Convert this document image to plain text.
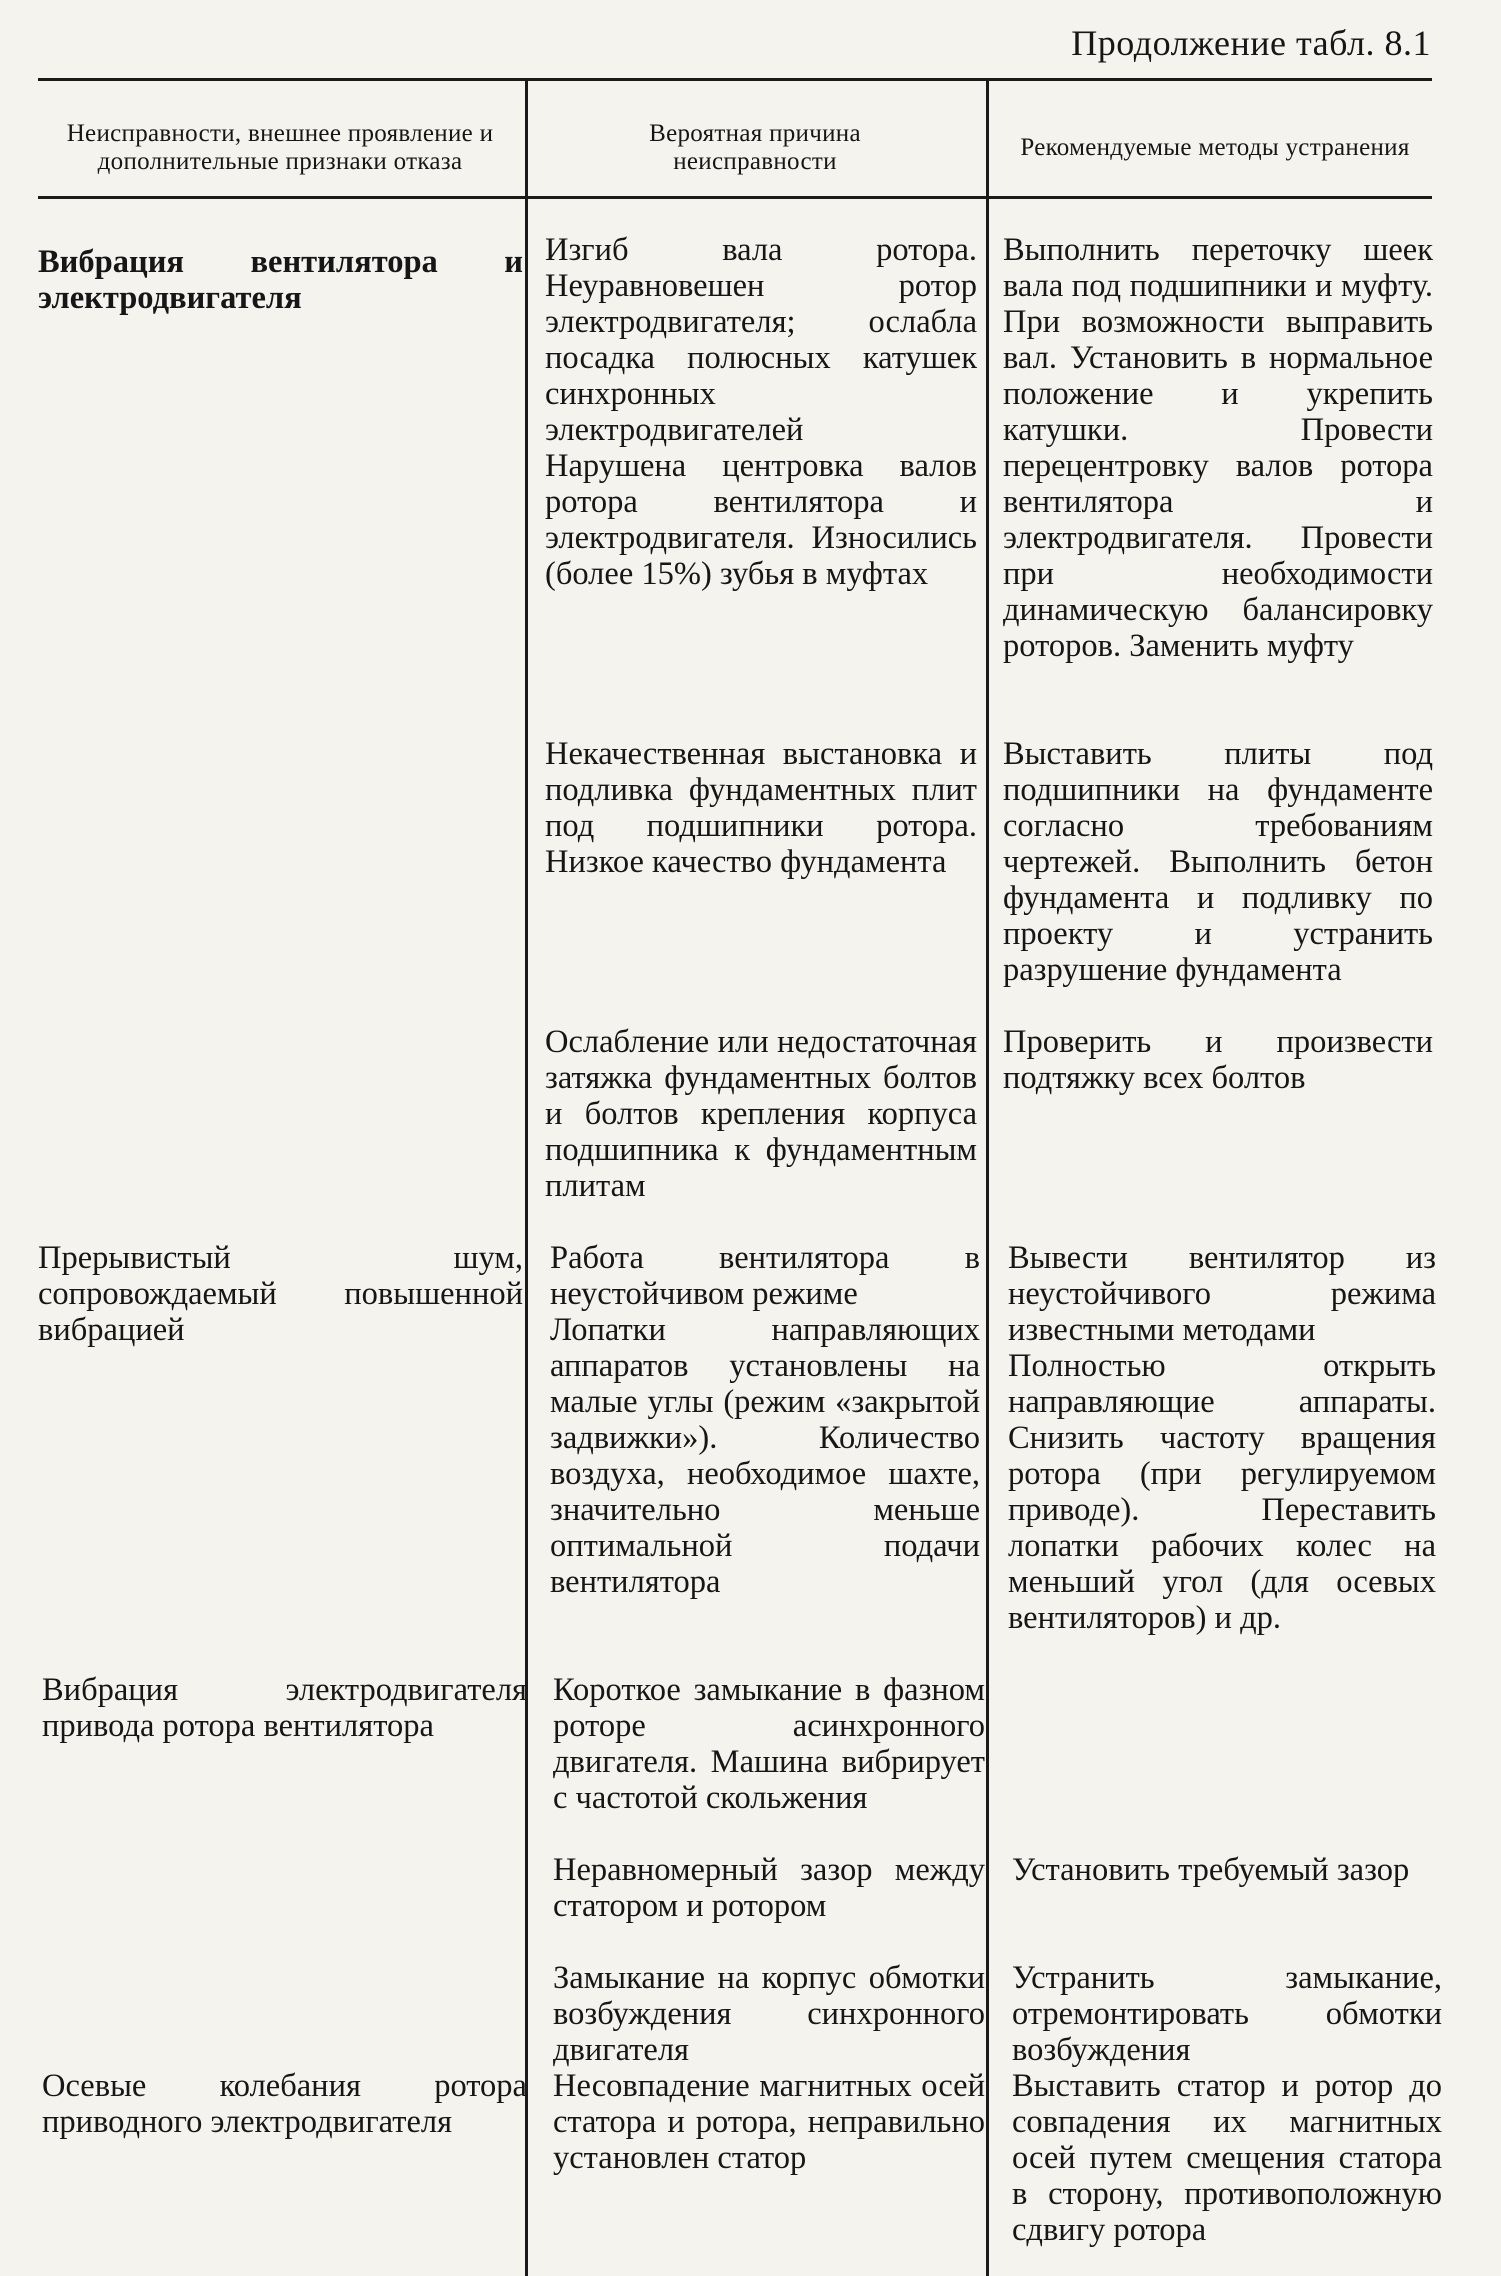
Продолжение табл. 8.1
Неисправности, внешнее проявление и дополнительные признаки отказа
Вероятная причина неисправности
Рекомендуемые методы устранения
Вибрация вентилятора и электродвигателя
Изгиб вала ротора. Неуравновешен ротор электродвигателя; ослабла посадка полюсных катушек синхронных электродвигателей
Нарушена центровка валов ротора вентилятора и электродвигателя. Износились (более 15%) зубья в муфтах
Некачественная выстановка и подливка фундаментных плит под подшипники ротора. Низкое качество фундамента
Ослабление или недостаточная затяжка фундаментных болтов и болтов крепления корпуса подшипника к фундаментным плитам
Выполнить переточку шеек вала под подшипники и муфту. При возможности выправить вал. Установить в нормальное положение и укрепить катушки. Провести перецентровку валов ротора вентилятора и электродвигателя. Провести при необходимости динамическую балансировку роторов. Заменить муфту
Выставить плиты под подшипники на фундаменте согласно требованиям чертежей. Выполнить бетон фундамента и подливку по проекту и устранить разрушение фундамента
Проверить и произвести подтяжку всех болтов
Прерывистый шум, сопровождаемый повышенной вибрацией
Работа вентилятора в неустойчивом режиме
Лопатки направляющих аппаратов установлены на малые углы (режим «закрытой задвижки»). Количество воздуха, необходимое шахте, значительно меньше оптимальной подачи вентилятора
Вывести вентилятор из неустойчивого режима известными методами
Полностью открыть направляющие аппараты. Снизить частоту вращения ротора (при регулируемом приводе). Переставить лопатки рабочих колес на меньший угол (для осевых вентиляторов) и др.
Вибрация электродвигателя привода ротора вентилятора
Короткое замыкание в фазном роторе асинхронного двигателя. Машина вибрирует с частотой скольжения
Неравномерный зазор между статором и ротором
Замыкание на корпус обмотки возбуждения синхронного двигателя
Установить требуемый зазор
Устранить замыкание, отремонтировать обмотки возбуждения
Осевые колебания ротора приводного электродвигателя
Несовпадение магнитных осей статора и ротора, неправильно установлен статор
Выставить статор и ротор до совпадения их магнитных осей путем смещения статора в сторону, противоположную сдвигу ротора
